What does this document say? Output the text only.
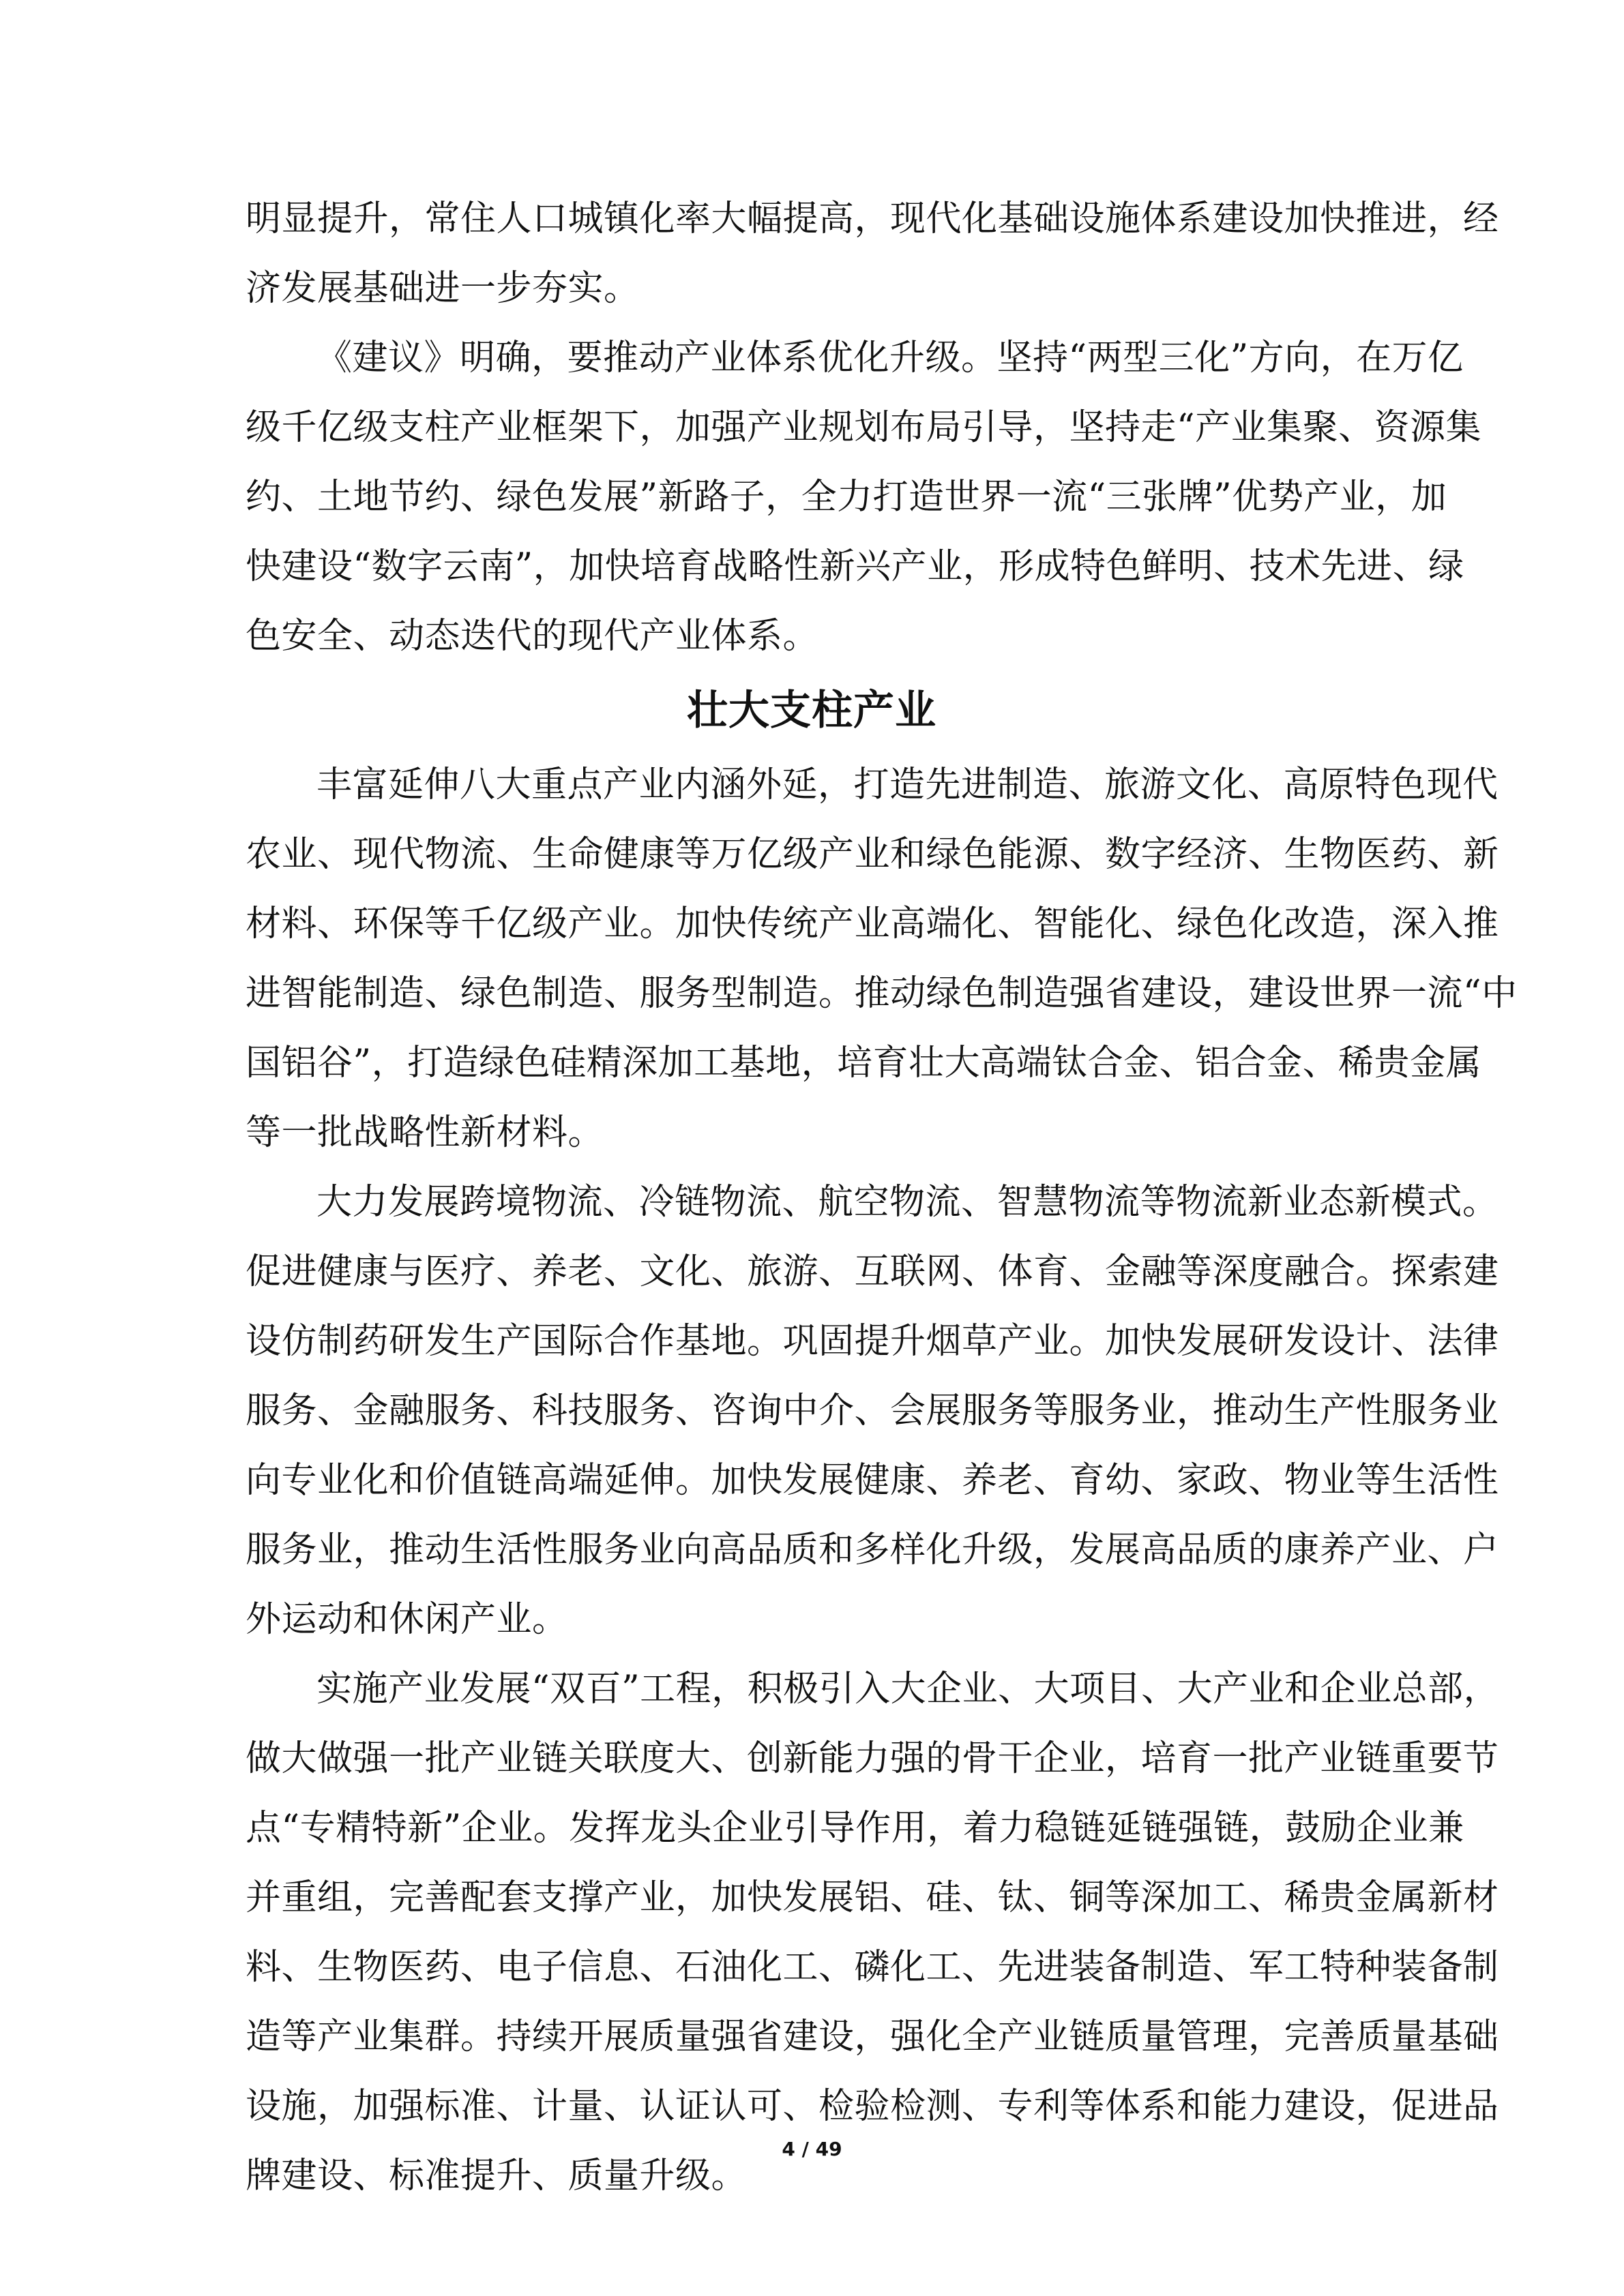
明显提升，常住人口城镇化率大幅提高，现代化基础设施体系建设加快推进，经
济发展基础进一步夯实。
《建议》明确，要推动产业体系优化升级。坚持“两型三化”方向，在万亿
级千亿级支柱产业框架下，加强产业规划布局引导，坚持走“产业集聚、资源集
约、土地节约、绿色发展”新路子，全力打造世界一流“三张牌”优势产业，加
快建设“数字云南”，加快培育战略性新兴产业，形成特色鲜明、技术先进、绿
色安全、动态迭代的现代产业体系。
壮大支柱产业
丰富延伸八大重点产业内涵外延，打造先进制造、旅游文化、高原特色现代
农业、现代物流、生命健康等万亿级产业和绿色能源、数字经济、生物医药、新
材料、环保等千亿级产业。加快传统产业高端化、智能化、绿色化改造，深入推
进智能制造、绿色制造、服务型制造。推动绿色制造强省建设，建设世界一流“中
国铝谷”，打造绿色硅精深加工基地，培育壮大高端钛合金、铝合金、稀贵金属
等一批战略性新材料。
大力发展跨境物流、冷链物流、航空物流、智慧物流等物流新业态新模式。
促进健康与医疗、养老、文化、旅游、互联网、体育、金融等深度融合。探索建
设仿制药研发生产国际合作基地。巩固提升烟草产业。加快发展研发设计、法律
服务、金融服务、科技服务、咨询中介、会展服务等服务业，推动生产性服务业
向专业化和价值链高端延伸。加快发展健康、养老、育幼、家政、物业等生活性
服务业，推动生活性服务业向高品质和多样化升级，发展高品质的康养产业、户
外运动和休闲产业。
实施产业发展“双百”工程，积极引入大企业、大项目、大产业和企业总部，
做大做强一批产业链关联度大、创新能力强的骨干企业，培育一批产业链重要节
点“专精特新”企业。发挥龙头企业引导作用，着力稳链延链强链，鼓励企业兼
并重组，完善配套支撑产业，加快发展铝、硅、钛、铜等深加工、稀贵金属新材
料、生物医药、电子信息、石油化工、磷化工、先进装备制造、军工特种装备制
造等产业集群。持续开展质量强省建设，强化全产业链质量管理，完善质量基础
设施，加强标准、计量、认证认可、检验检测、专利等体系和能力建设，促进品
牌建设、标准提升、质量升级。
4 / 49
